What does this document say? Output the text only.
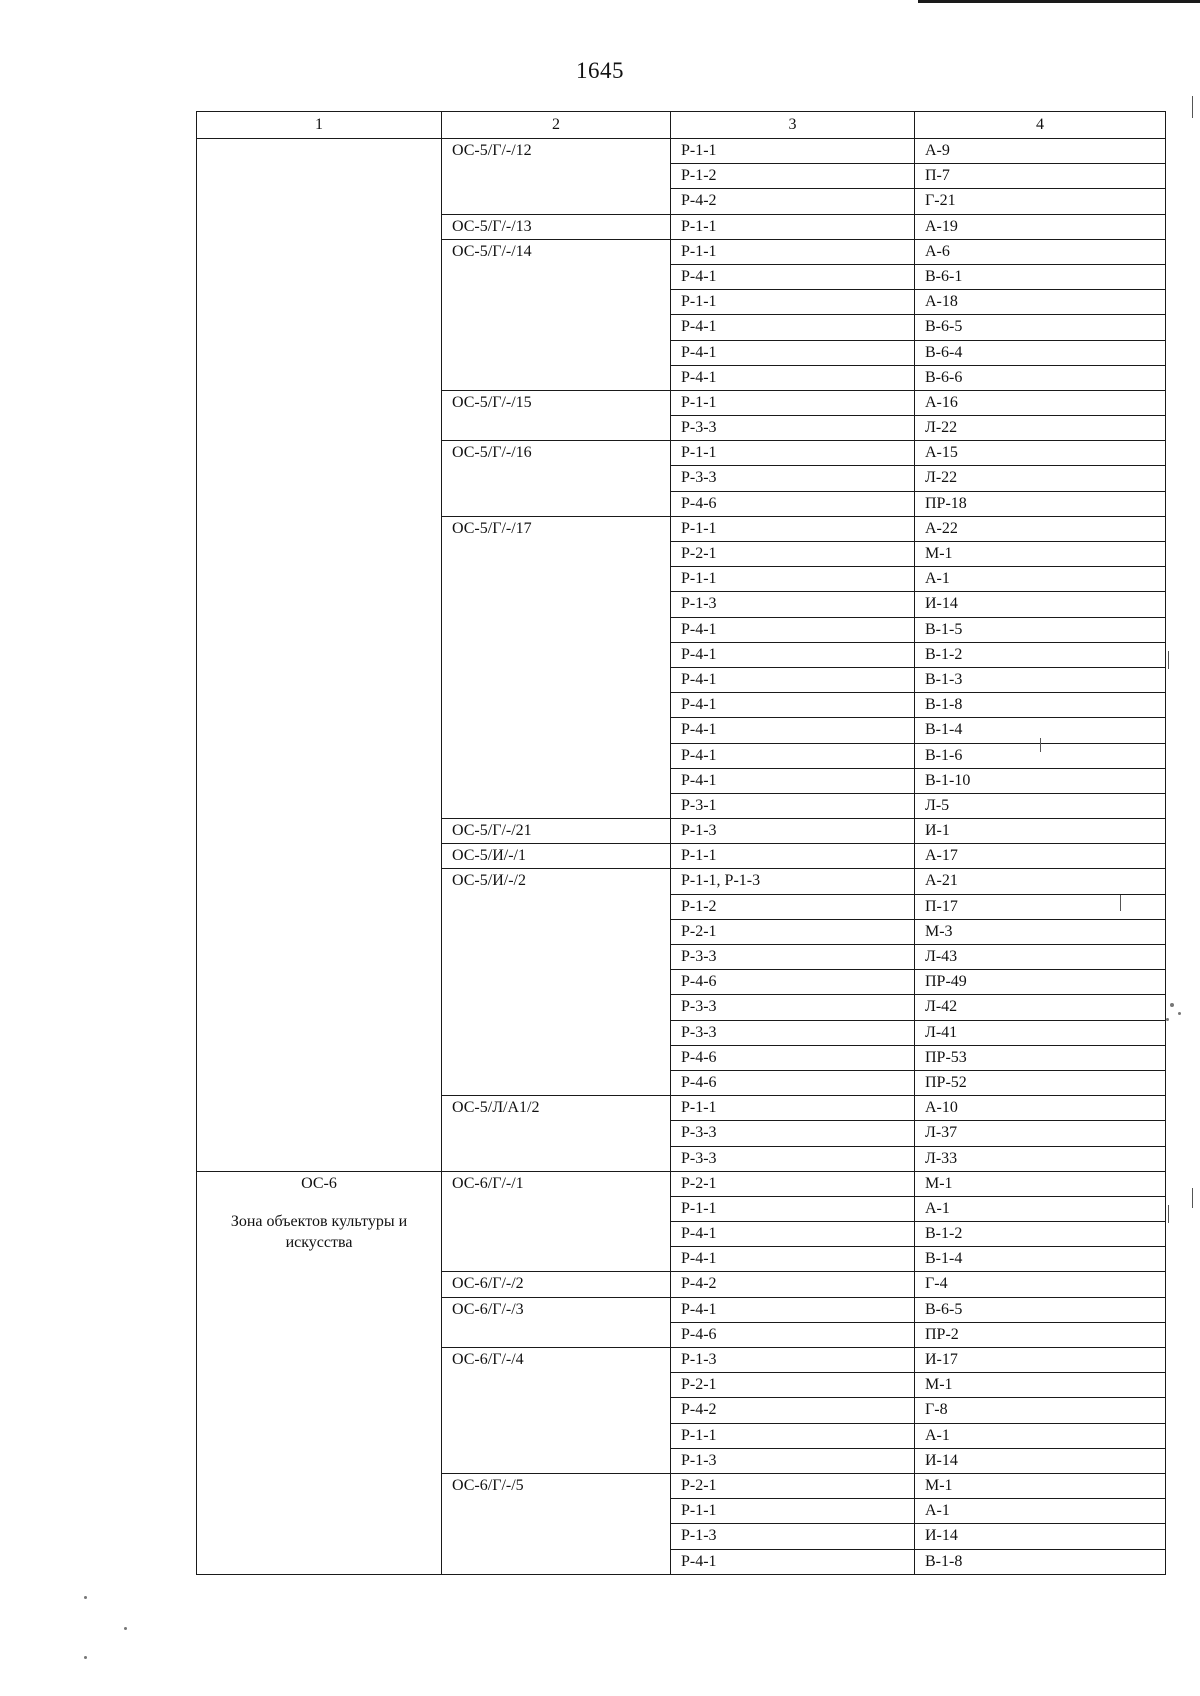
1645
1	2	3	4
	ОС-5/Г/-/12	Р-1-1	А-9
		Р-1-2	П-7
		Р-4-2	Г-21
	ОС-5/Г/-/13	Р-1-1	А-19
	ОС-5/Г/-/14	Р-1-1	А-6
		Р-4-1	В-6-1
		Р-1-1	А-18
		Р-4-1	В-6-5
		Р-4-1	В-6-4
		Р-4-1	В-6-6
	ОС-5/Г/-/15	Р-1-1	А-16
		Р-3-3	Л-22
	ОС-5/Г/-/16	Р-1-1	А-15
		Р-3-3	Л-22
		Р-4-6	ПР-18
	ОС-5/Г/-/17	Р-1-1	А-22
		Р-2-1	М-1
		Р-1-1	А-1
		Р-1-3	И-14
		Р-4-1	В-1-5
		Р-4-1	В-1-2
		Р-4-1	В-1-3
		Р-4-1	В-1-8
		Р-4-1	В-1-4
		Р-4-1	В-1-6
		Р-4-1	В-1-10
		Р-3-1	Л-5
	ОС-5/Г/-/21	Р-1-3	И-1
	ОС-5/И/-/1	Р-1-1	А-17
	ОС-5/И/-/2	Р-1-1, Р-1-3	А-21
		Р-1-2	П-17
		Р-2-1	М-3
		Р-3-3	Л-43
		Р-4-6	ПР-49
		Р-3-3	Л-42
		Р-3-3	Л-41
		Р-4-6	ПР-53
		Р-4-6	ПР-52
	ОС-5/Л/А1/2	Р-1-1	А-10
		Р-3-3	Л-37
		Р-3-3	Л-33

ОС-6
Зона объектов культуры и искусства	ОС-6/Г/-/1	Р-2-1	М-1
		Р-1-1	А-1
		Р-4-1	В-1-2
		Р-4-1	В-1-4
	ОС-6/Г/-/2	Р-4-2	Г-4
	ОС-6/Г/-/3	Р-4-1	В-6-5
		Р-4-6	ПР-2
	ОС-6/Г/-/4	Р-1-3	И-17
		Р-2-1	М-1
		Р-4-2	Г-8
		Р-1-1	А-1
		Р-1-3	И-14
	ОС-6/Г/-/5	Р-2-1	М-1
		Р-1-1	А-1
		Р-1-3	И-14
		Р-4-1	В-1-8
